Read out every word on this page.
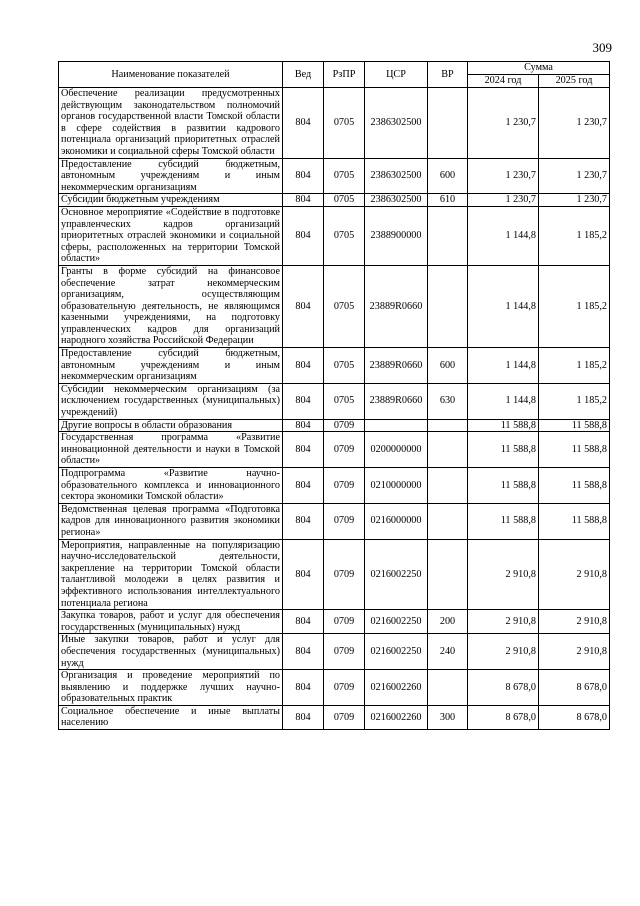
309
Наименование показателей	Вед	РзПР	ЦСР	ВР	Сумма	
					2024 год	2025 год
Обеспечение реализации предусмотренных действующим законодательством полномочий органов государственной власти Томской области в сфере содействия в развитии кадрового потенциала организаций приоритетных отраслей экономики и социальной сферы Томской области	804	0705	2386302500		1 230,7	1 230,7
Предоставление субсидий бюджетным, автономным учреждениям и иным некоммерческим организациям	804	0705	2386302500	600	1 230,7	1 230,7
Субсидии бюджетным учреждениям	804	0705	2386302500	610	1 230,7	1 230,7
Основное мероприятие «Содействие в подготовке управленческих кадров организаций приоритетных отраслей экономики и социальной сферы, расположенных на территории Томской области»	804	0705	2388900000		1 144,8	1 185,2
Гранты в форме субсидий на финансовое обеспечение затрат некоммерческим организациям, осуществляющим образовательную деятельность, не являющимся казенными учреждениями, на подготовку управленческих кадров для организаций народного хозяйства Российской Федерации	804	0705	23889R0660		1 144,8	1 185,2
Предоставление субсидий бюджетным, автономным учреждениям и иным некоммерческим организациям	804	0705	23889R0660	600	1 144,8	1 185,2
Субсидии некоммерческим организациям (за исключением государственных (муниципальных) учреждений)	804	0705	23889R0660	630	1 144,8	1 185,2
Другие вопросы в области образования	804	0709			11 588,8	11 588,8
Государственная программа «Развитие инновационной деятельности и науки в Томской области»	804	0709	0200000000		11 588,8	11 588,8
Подпрограмма «Развитие научно-образовательного комплекса и инновационного сектора экономики Томской области»	804	0709	0210000000		11 588,8	11 588,8
Ведомственная целевая программа «Подготовка кадров для инновационного развития экономики региона»	804	0709	0216000000		11 588,8	11 588,8
Мероприятия, направленные на популяризацию научно-исследовательской деятельности, закрепление на территории Томской области талантливой молодежи в целях развития и эффективного использования интеллектуального потенциала региона	804	0709	0216002250		2 910,8	2 910,8
Закупка товаров, работ и услуг для обеспечения государственных (муниципальных) нужд	804	0709	0216002250	200	2 910,8	2 910,8
Иные закупки товаров, работ и услуг для обеспечения государственных (муниципальных) нужд	804	0709	0216002250	240	2 910,8	2 910,8
Организация и проведение мероприятий по выявлению и поддержке лучших научно-образовательных практик	804	0709	0216002260		8 678,0	8 678,0
Социальное обеспечение и иные выплаты населению	804	0709	0216002260	300	8 678,0	8 678,0
